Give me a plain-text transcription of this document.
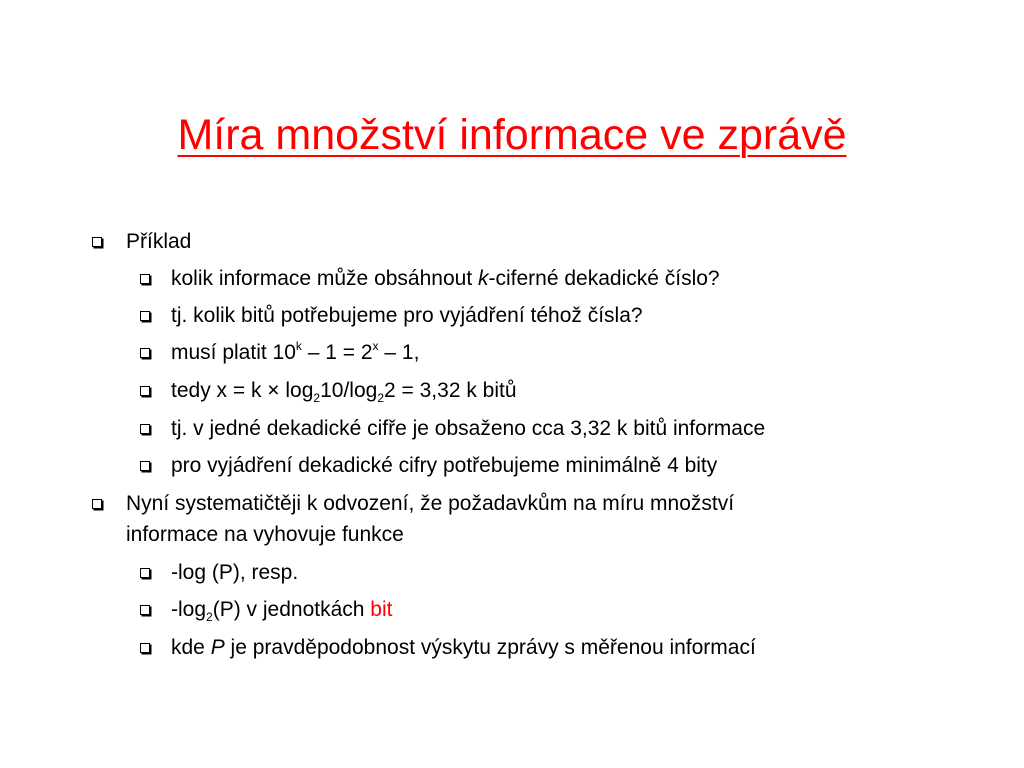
Míra množství informace ve zprávě
Příklad
kolik informace může obsáhnout k-ciferné dekadické číslo?
tj. kolik bitů potřebujeme pro vyjádření téhož čísla?
musí platit $10^k - 1 = 2^x - 1$,
tedy $x = k \times \log_210/\log_22 = 3,32$ k bitů
tj. v jedné dekadické cifře je obsaženo cca 3,32 k bitů informace
pro vyjádření dekadické cifry potřebujeme minimálně 4 bity
Nyní systematičtěji k odvození, že požadavkům na míru množství
informace na vyhovuje funkce
-log (P), resp.
$-\log_2(P)$ v jednotkách bit
kde P je pravděpodobnost výskytu zprávy s měřenou informací
